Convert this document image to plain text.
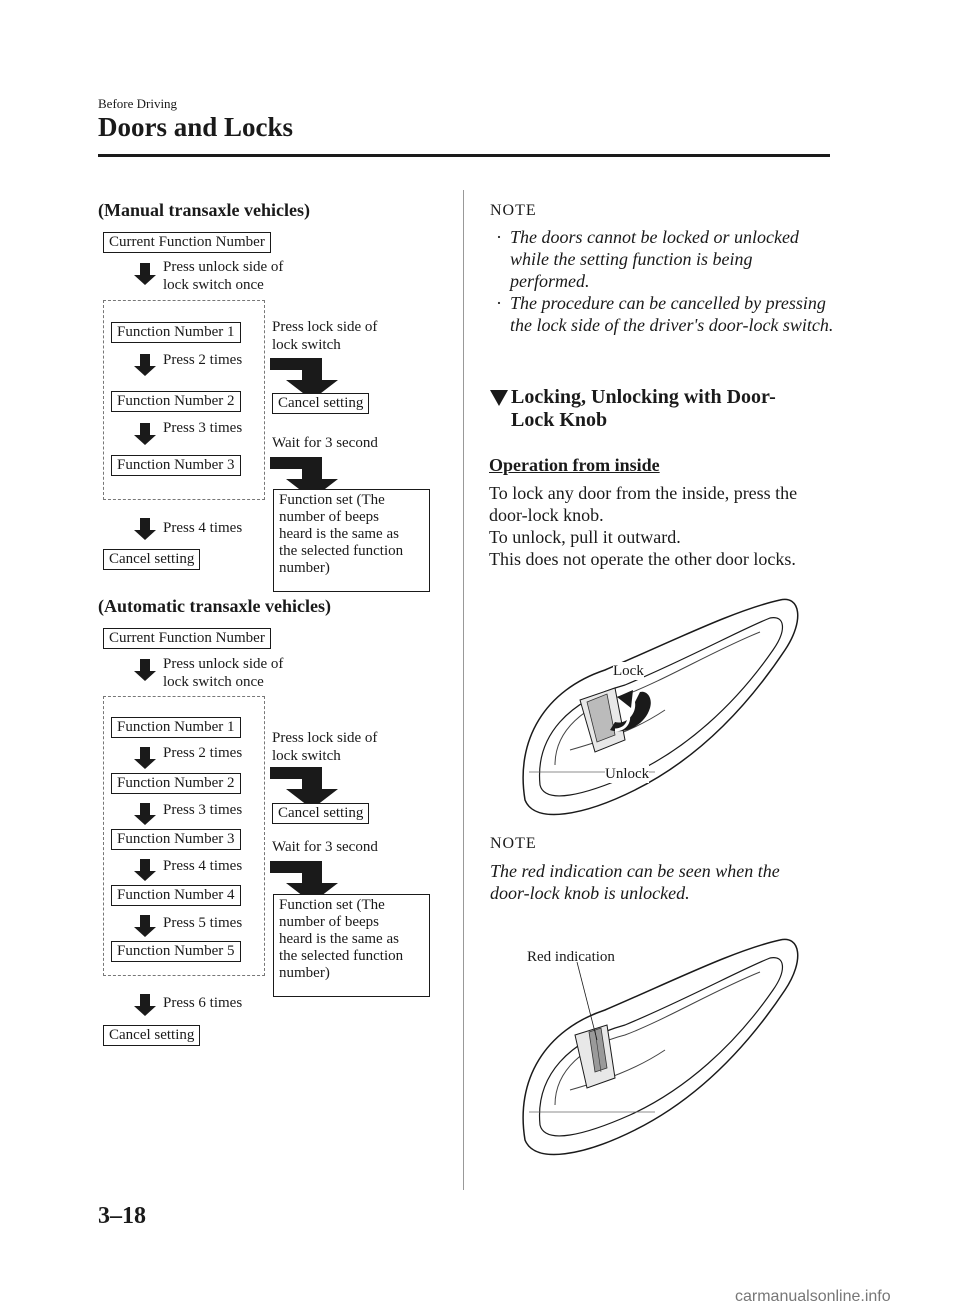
Before Driving
Doors and Locks
(Manual transaxle vehicles)
Current Function Number
Press unlock side of
lock switch once
Function Number 1
Press 2 times
Function Number 2
Press 3 times
Function Number 3
Press 4 times
Cancel setting
Press lock side of
lock switch
Cancel setting
Wait for 3 second
Function set (The
number of beeps
heard is the same as
the selected function
number)
(Automatic transaxle vehicles)
Current Function Number
Press unlock side of
lock switch once
Function Number 1
Press 2 times
Function Number 2
Press 3 times
Function Number 3
Press 4 times
Function Number 4
Press 5 times
Function Number 5
Press 6 times
Cancel setting
Press lock side of
lock switch
Cancel setting
Wait for 3 second
Function set (The
number of beeps
heard is the same as
the selected function
number)
NOTE
· The doors cannot be locked or unlocked while the setting function is being performed.
· The procedure can be cancelled by pressing the lock side of the driver's door-lock switch.
Locking, Unlocking with Door-Lock Knob
Operation from inside
To lock any door from the inside, press the door-lock knob.
To unlock, pull it outward.
This does not operate the other door locks.
Lock
Unlock
NOTE
The red indication can be seen when the door-lock knob is unlocked.
Red indication
3–18
carmanualsonline.info
